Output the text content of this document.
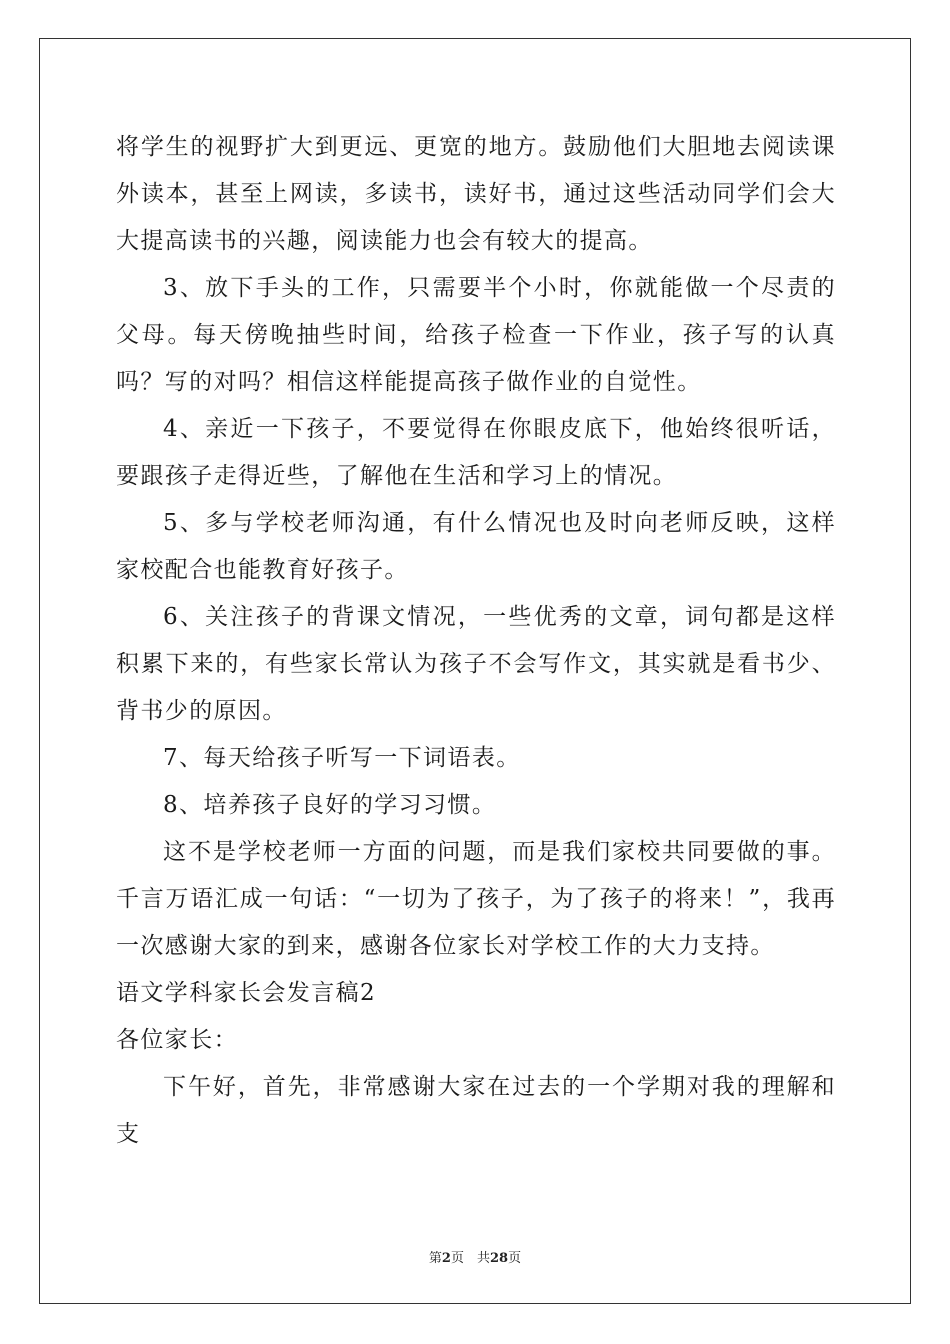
将学生的视野扩大到更远、更宽的地方。鼓励他们大胆地去阅读课外读本，甚至上网读，多读书，读好书，通过这些活动同学们会大大提高读书的兴趣，阅读能力也会有较大的提高。

3、放下手头的工作，只需要半个小时，你就能做一个尽责的父母。每天傍晚抽些时间，给孩子检查一下作业，孩子写的认真吗？写的对吗？相信这样能提高孩子做作业的自觉性。

4、亲近一下孩子，不要觉得在你眼皮底下，他始终很听话，要跟孩子走得近些，了解他在生活和学习上的情况。

5、多与学校老师沟通，有什么情况也及时向老师反映，这样家校配合也能教育好孩子。

6、关注孩子的背课文情况，一些优秀的文章，词句都是这样积累下来的，有些家长常认为孩子不会写作文，其实就是看书少、背书少的原因。

7、每天给孩子听写一下词语表。

8、培养孩子良好的学习习惯。

这不是学校老师一方面的问题，而是我们家校共同要做的事。千言万语汇成一句话：“一切为了孩子，为了孩子的将来！”，我再一次感谢大家的到来，感谢各位家长对学校工作的大力支持。

语文学科家长会发言稿2

各位家长：

下午好，首先，非常感谢大家在过去的一个学期对我的理解和支

第2页　共28页
